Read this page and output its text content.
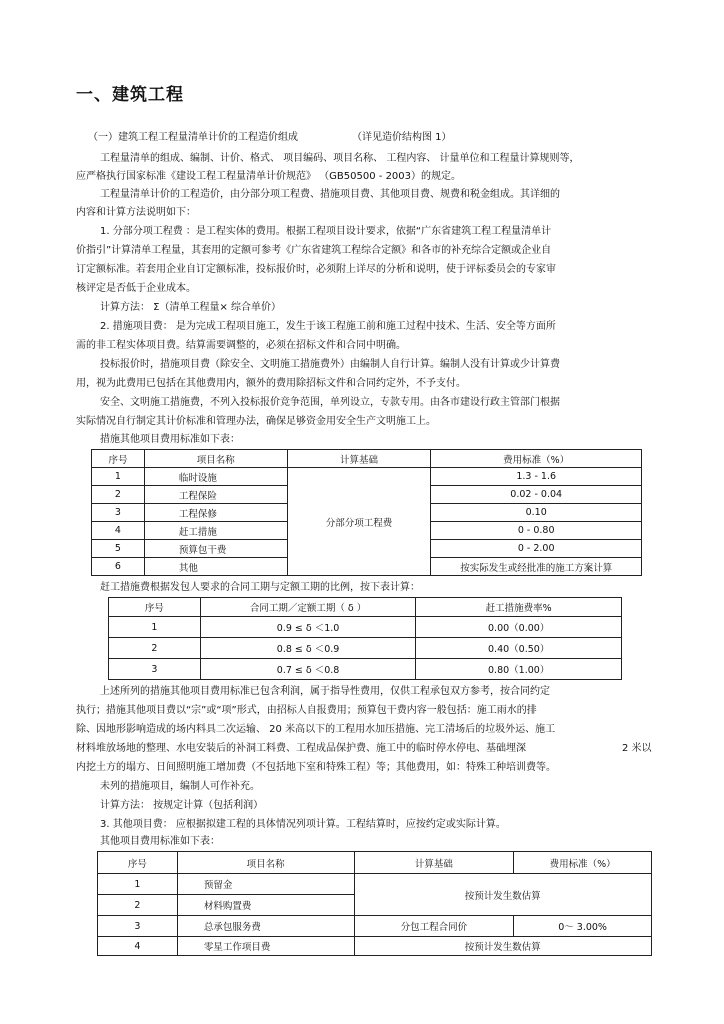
一、建筑工程
（一）建筑工程工程量清单计价的工程造价组成	（详见造价结构图 1）
工程量清单的组成、编制、计价、格式、 项目编码、项目名称、 工程内容、 计量单位和工程量计算规则等，
应严格执行国家标准《建设工程工程量清单计价规范》 （GB50500 - 2003）的规定。
工程量清单计价的工程造价，由分部分项工程费、措施项目费、其他项目费、规费和税金组成。其详细的
内容和计算方法说明如下：
1. 分部分项工程费 ：是工程实体的费用。根据工程项目设计要求，依据“广东省建筑工程工程量清单计
价指引”计算清单工程量，其套用的定额可参考《广东省建筑工程综合定额》和各市的补充综合定额或企业自
订定额标准。若套用企业自订定额标准，投标报价时，必须附上详尽的分析和说明，使于评标委员会的专家审
核评定是否低于企业成本。
计算方法： Σ（清单工程量× 综合单价）
2. 措施项目费： 是为完成工程项目施工，发生于该工程施工前和施工过程中技术、生活、安全等方面所
需的非工程实体项目费。结算需要调整的，必须在招标文件和合同中明确。
投标报价时，措施项目费（除安全、文明施工措施费外）由编制人自行计算。编制人没有计算或少计算费
用，视为此费用已包括在其他费用内，额外的费用除招标文件和合同约定外，不予支付。
安全、文明施工措施费，不列入投标报价竞争范围，单列设立，专款专用。由各市建设行政主管部门根据
实际情况自行制定其计价标准和管理办法，确保足够资金用安全生产文明施工上。
措施其他项目费用标准如下表：
序号	项目名称	计算基础	费用标准（%）
1	临时设施	分部分项工程费	1.3 - 1.6
2	工程保险		0.02 - 0.04
3	工程保修		0.10
4	赶工措施		0 - 0.80
5	预算包干费		0 - 2.00
6	其他		按实际发生或经批准的施工方案计算
赶工措施费根据发包人要求的合同工期与定额工期的比例，按下表计算：
序号	合同工期／定额工期（ δ ）	赶工措施费率%
1	0.9 ≤ δ ＜1.0	0.00（0.00）
2	0.8 ≤ δ ＜0.9	0.40（0.50）
3	0.7 ≤ δ ＜0.8	0.80（1.00）
上述所列的措施其他项目费用标准已包含利润，属于指导性费用，仅供工程承包双方参考，按合同约定
执行；措施其他项目费以“宗”或“项”形式，由招标人自报费用；预算包干费内容一般包括：施工雨水的排
除、因地形影响造成的场内料具二次运输、 20 米高以下的工程用水加压措施、完工清场后的垃圾外运、施工
材料堆放场地的整理、水电安装后的补洞工料费、工程成品保护费、施工中的临时停水停电、基础埋深	2 米以
内挖土方的塌方、日间照明施工增加费（不包括地下室和特殊工程）等；其他费用，如：特殊工种培训费等。
未列的措施项目，编制人可作补充。
计算方法： 按规定计算（包括利润）
3. 其他项目费： 应根据拟建工程的具体情况列项计算。工程结算时，应按约定或实际计算。
其他项目费用标准如下表：
序号	项目名称	计算基础	费用标准（%）
1	预留金	按预计发生数估算	
2	材料购置费		
3	总承包服务费	分包工程合同价	0～ 3.00%
4	零星工作项目费	按预计发生数估算	
